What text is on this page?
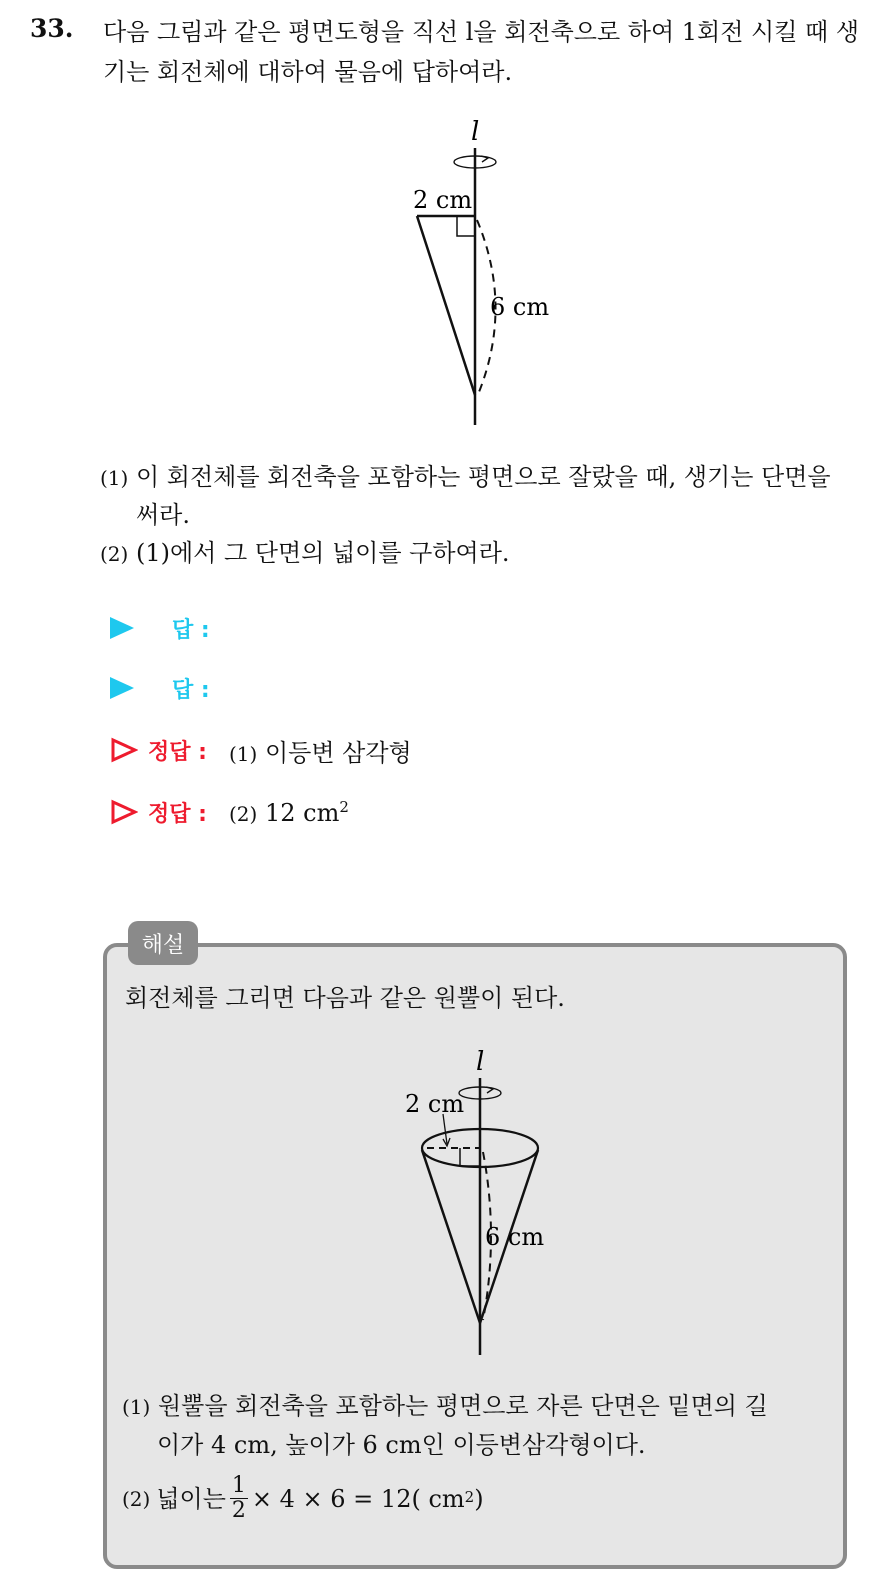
33. 다음 그림과 같은 평면도형을 직선 l을 회전축으로 하여 1회전 시킬 때 생기는 회전체에 대하여 물음에 답하여라.
l
2 cm
6 cm
(1) 이 회전체를 회전축을 포함하는 평면으로 잘랐을 때, 생기는 단면을
써라.
(2) (1)에서 그 단면의 넓이를 구하여라.
답 :
답 :
정답 : (1) 이등변 삼각형
정답 : (2) 12 $cm^2$
해설
회전체를 그리면 다음과 같은 원뿔이 된다.
l
2 cm
6 cm
(1) 원뿔을 회전축을 포함하는 평면으로 자른 단면은 밑면의 길
이가 4 cm, 높이가 6 cm인 이등변삼각형이다.
(2) 넓이는 $\frac{1}{2} \times 4 \times 6 = 12$( cm 2 )
